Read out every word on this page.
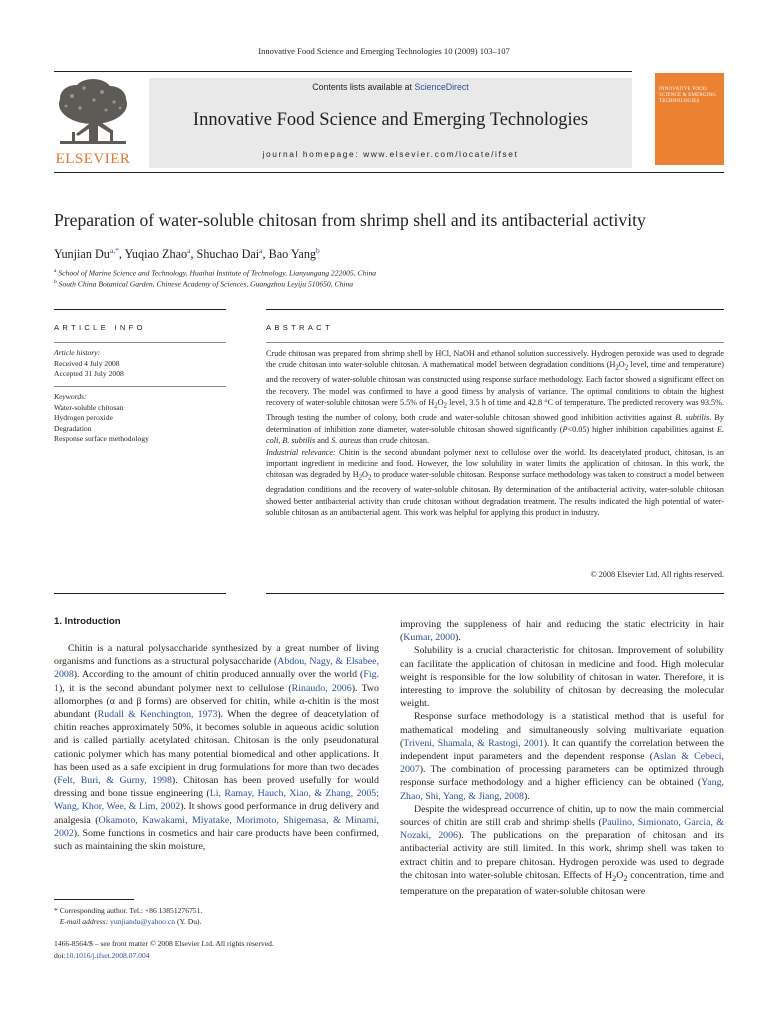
Innovative Food Science and Emerging Technologies 10 (2009) 103–107
ELSEVIER
Contents lists available at ScienceDirect
Innovative Food Science and Emerging Technologies
journal homepage: www.elsevier.com/locate/ifset
INNOVATIVE FOOD SCIENCE & EMERGING TECHNOLOGIES
Preparation of water-soluble chitosan from shrimp shell and its antibacterial activity
Yunjian $Du^{a,*}$, Yuqiao Zhao$^a$, Shuchao Dai$^a$, Bao Yang$^b$
$^a$ School of Marine Science and Technology, Huaihai Institute of Technology, Lianyungang 222005, China
$^b$ South China Botanical Garden, Chinese Academy of Sciences, Guangzhou Leyiju 510650, China
ARTICLE INFO	ABSTRACT
Article history:
Received 4 July 2008
Accepted 31 July 2008
Keywords:
Water-soluble chitosan
Hydrogen peroxide
Degradation
Response surface methodology

Crude chitosan was prepared from shrimp shell by HCl, NaOH and ethanol solution successively. Hydrogen peroxide was used to degrade the crude chitosan into water-soluble chitosan. A mathematical model between degradation conditions ($H_2O_2$ level, time and temperature) and the recovery of water-soluble chitosan was constructed using response surface methodology. Each factor showed a significant effect on the recovery. The model was confirmed to have a good fitness by analysis of variance. The optimal conditions to obtain the highest recovery of water-soluble chitosan were 5.5% of $H_2O_2$ level, 3.5 h of time and 42.8 °C of temperature. The predicted recovery was 93.5%. Through testing the number of colony, both crude and water-soluble chitosan showed good inhibition activities against B. subtilis. By determination of inhibition zone diameter, water-soluble chitosan showed significantly (P<0.05) higher inhibition capabilities against E. coli, B. subtilis and S. aureus than crude chitosan.

Industrial relevance: Chitin is the second abundant polymer next to cellulose over the world. Its deacetylated product, chitosan, is an important ingredient in medicine and food. However, the low solubility in water limits the application of chitosan. In this work, the chitosan was degraded by $H_2O_2$ to produce water-soluble chitosan. Response surface methodology was taken to construct a model between degradation conditions and the recovery of water-soluble chitosan. By determination of the antibacterial activity, water-soluble chitosan showed better antibacterial activity than crude chitosan without degradation treatment. The results indicated the high potential of water-soluble chitosan as an antibacterial agent. This work was helpful for applying this product in industry.

© 2008 Elsevier Ltd. All rights reserved.
1. Introduction

Chitin is a natural polysaccharide synthesized by a great number of living organisms and functions as a structural polysaccharide (Abdou, Nagy, & Elsabee, 2008). According to the amount of chitin produced annually over the world (Fig. 1), it is the second abundant polymer next to cellulose (Rinaudo, 2006). Two allomorphes (α and β forms) are observed for chitin, while α-chitin is the most abundant (Rudall & Kenchington, 1973). When the degree of deacetylation of chitin reaches approximately 50%, it becomes soluble in aqueous acidic solution and is called partially acetylated chitosan. Chitosan is the only pseudonatural cationic polymer which has many potential biomedical and other applications. It has been used as a safe excipient in drug formulations for more than two decades (Felt, Buri, & Gurny, 1998). Chitosan has been proved usefully for would dressing and bone tissue engineering (Li, Ramay, Hauch, Xiao, & Zhang, 2005; Wang, Khor, Wee, & Lim, 2002). It shows good performance in drug delivery and analgesia (Okamoto, Kawakami, Miyatake, Morimoto, Shigemasa, & Minami, 2002). Some functions in cosmetics and hair care products have been confirmed, such as maintaining the skin moisture,

improving the suppleness of hair and reducing the static electricity in hair (Kumar, 2000).

Solubility is a crucial characteristic for chitosan. Improvement of solubility can facilitate the application of chitosan in medicine and food. High molecular weight is responsible for the low solubility of chitosan in water. Therefore, it is interesting to improve the solubility of chitosan by decreasing the molecular weight.

Response surface methodology is a statistical method that is useful for mathematical modeling and simultaneously solving multivariate equation (Triveni, Shamala, & Rastogi, 2001). It can quantify the correlation between the independent input parameters and the dependent response (Aslan & Cebeci, 2007). The combination of processing parameters can be optimized through response surface methodology and a higher efficiency can be obtained (Yang, Zhao, Shi, Yang, & Jiang, 2008).

Despite the widespread occurrence of chitin, up to now the main commercial sources of chitin are still crab and shrimp shells (Paulino, Simionato, Garcia, & Nozaki, 2006). The publications on the preparation of chitosan and its antibacterial activity are still limited. In this work, shrimp shell was taken to extract chitin and to prepare chitosan. Hydrogen peroxide was used to degrade the chitosan into water-soluble chitosan. Effects of $H_2O_2$ concentration, time and temperature on the preparation of water-soluble chitosan were

* Corresponding author. Tel.: +86 13851276751.
E-mail address: yunjiandu@yahoo.cn (Y. Du).
1466-8564/$ – see front matter © 2008 Elsevier Ltd. All rights reserved.
doi:10.1016/j.ifset.2008.07.004
